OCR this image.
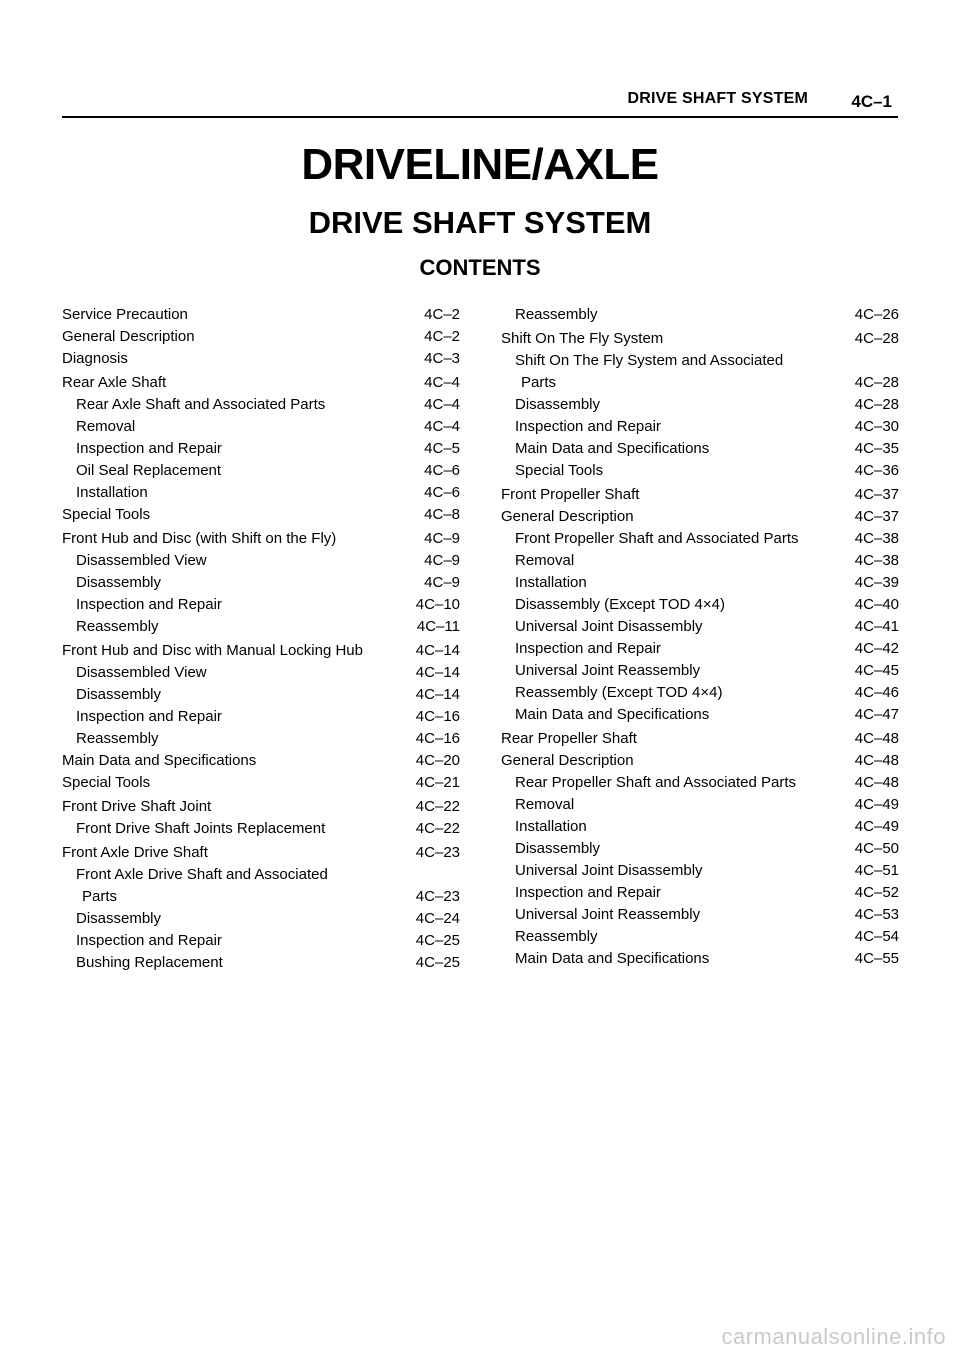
DRIVE SHAFT SYSTEM	4C–1
DRIVELINE/AXLE
DRIVE SHAFT SYSTEM
CONTENTS
Service Precaution	4C–2
General Description	4C–2
Diagnosis	4C–3
Rear Axle Shaft	4C–4
Rear Axle Shaft and Associated Parts	4C–4
Removal	4C–4
Inspection and Repair	4C–5
Oil Seal Replacement	4C–6
Installation	4C–6
Special Tools	4C–8
Front Hub and Disc (with Shift on the Fly)	4C–9
Disassembled View	4C–9
Disassembly	4C–9
Inspection and Repair	4C–10
Reassembly	4C–11
Front Hub and Disc with Manual Locking Hub	4C–14
Disassembled View	4C–14
Disassembly	4C–14
Inspection and Repair	4C–16
Reassembly	4C–16
Main Data and Specifications	4C–20
Special Tools	4C–21
Front Drive Shaft Joint	4C–22
Front Drive Shaft Joints Replacement	4C–22
Front Axle Drive Shaft	4C–23
Front Axle Drive Shaft and Associated
Parts	4C–23
Disassembly	4C–24
Inspection and Repair	4C–25
Bushing Replacement	4C–25
Reassembly	4C–26
Shift On The Fly System	4C–28
Shift On The Fly System and Associated
Parts	4C–28
Disassembly	4C–28
Inspection and Repair	4C–30
Main Data and Specifications	4C–35
Special Tools	4C–36
Front Propeller Shaft	4C–37
General Description	4C–37
Front Propeller Shaft and Associated Parts	4C–38
Removal	4C–38
Installation	4C–39
Disassembly (Except TOD 4×4)	4C–40
Universal Joint Disassembly	4C–41
Inspection and Repair	4C–42
Universal Joint Reassembly	4C–45
Reassembly (Except TOD 4×4)	4C–46
Main Data and Specifications	4C–47
Rear Propeller Shaft	4C–48
General Description	4C–48
Rear Propeller Shaft and Associated Parts	4C–48
Removal	4C–49
Installation	4C–49
Disassembly	4C–50
Universal Joint Disassembly	4C–51
Inspection and Repair	4C–52
Universal Joint Reassembly	4C–53
Reassembly	4C–54
Main Data and Specifications	4C–55
carmanualsonline.info
